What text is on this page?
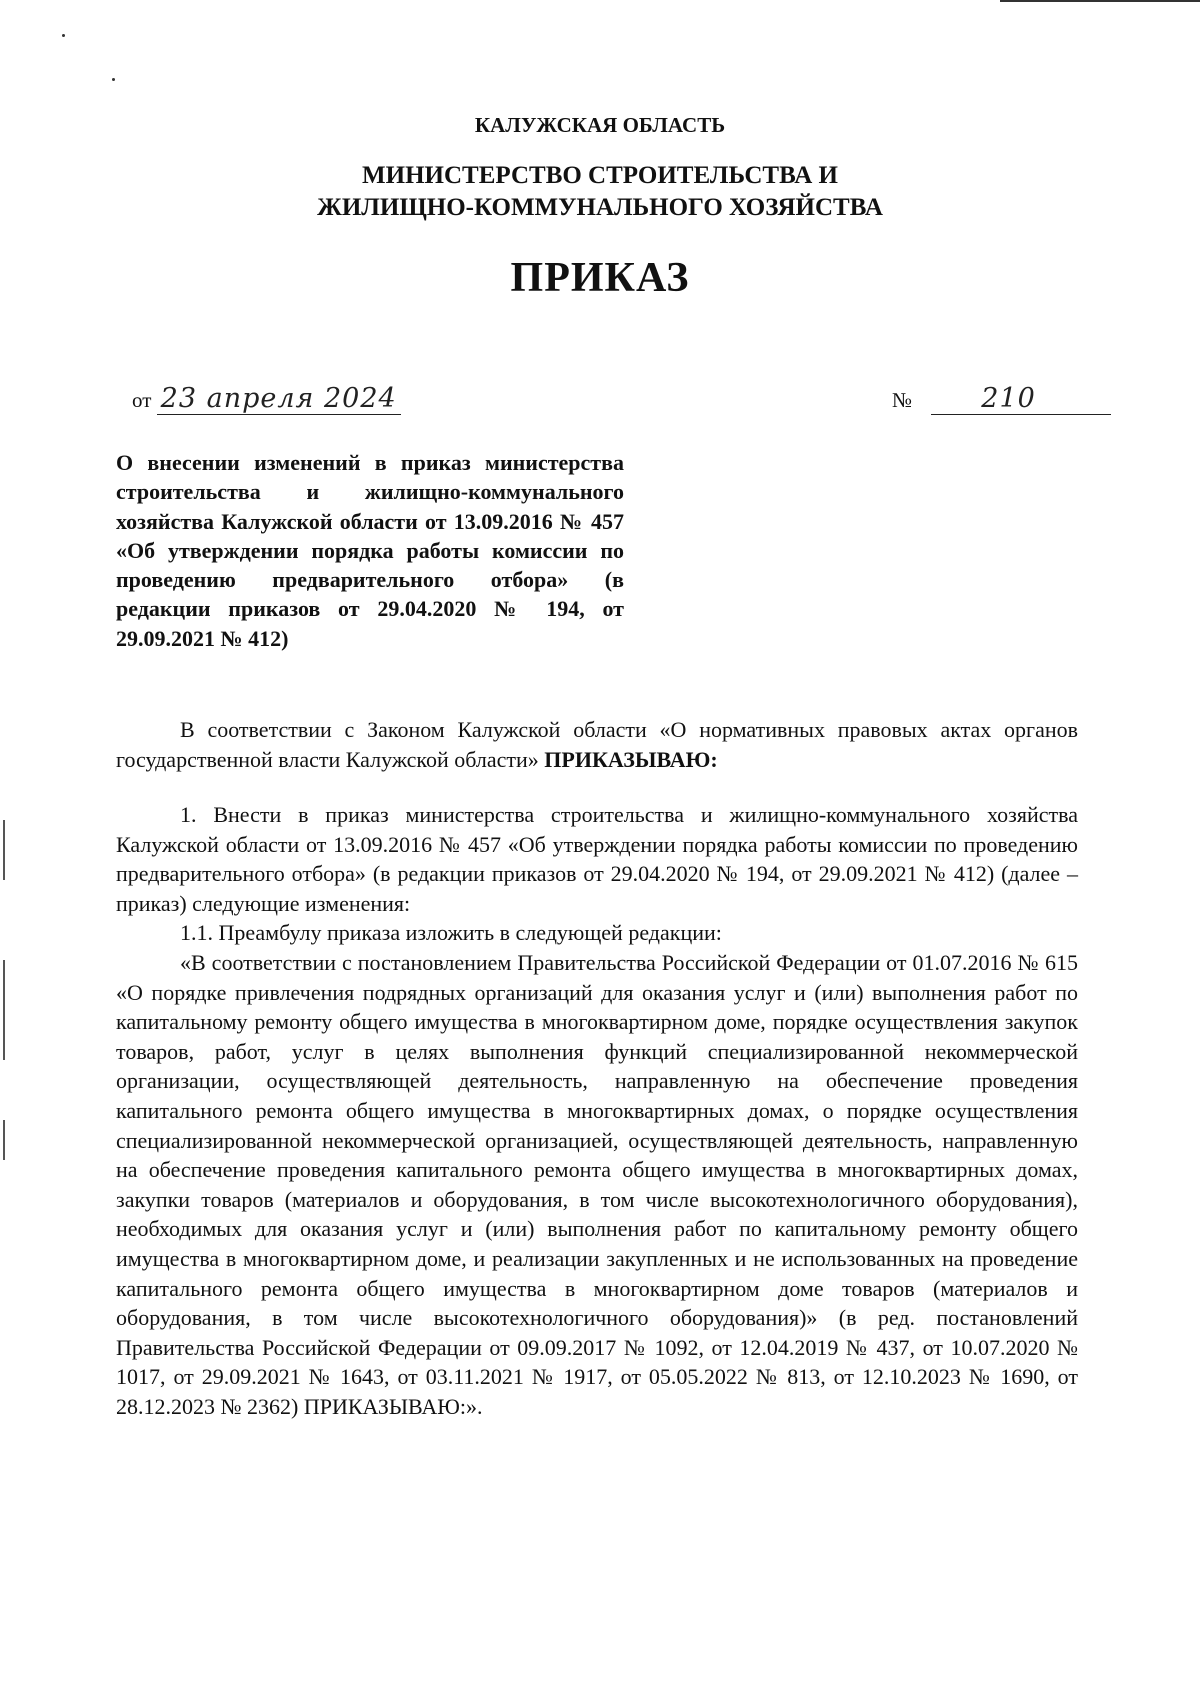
КАЛУЖСКАЯ ОБЛАСТЬ
МИНИСТЕРСТВО СТРОИТЕЛЬСТВА И
ЖИЛИЩНО-КОММУНАЛЬНОГО ХОЗЯЙСТВА
ПРИКАЗ
от 23 апреля 2024	№	210
О внесении изменений в приказ министерства строительства и жилищно-коммунального хозяйства Калужской области от 13.09.2016 № 457 «Об утверждении порядка работы комиссии по проведению предварительного отбора» (в редакции приказов от 29.04.2020 № 194, от 29.09.2021 № 412)

В соответствии с Законом Калужской области «О нормативных правовых актах органов государственной власти Калужской области» ПРИКАЗЫВАЮ:

1. Внести в приказ министерства строительства и жилищно-коммунального хозяйства Калужской области от 13.09.2016 № 457 «Об утверждении порядка работы комиссии по проведению предварительного отбора» (в редакции приказов от 29.04.2020 № 194, от 29.09.2021 № 412) (далее – приказ) следующие изменения:

1.1. Преамбулу приказа изложить в следующей редакции:

«В соответствии с постановлением Правительства Российской Федерации от 01.07.2016 № 615 «О порядке привлечения подрядных организаций для оказания услуг и (или) выполнения работ по капитальному ремонту общего имущества в многоквартирном доме, порядке осуществления закупок товаров, работ, услуг в целях выполнения функций специализированной некоммерческой организации, осуществляющей деятельность, направленную на обеспечение проведения капитального ремонта общего имущества в многоквартирных домах, о порядке осуществления специализированной некоммерческой организацией, осуществляющей деятельность, направленную на обеспечение проведения капитального ремонта общего имущества в многоквартирных домах, закупки товаров (материалов и оборудования, в том числе высокотехнологичного оборудования), необходимых для оказания услуг и (или) выполнения работ по капитальному ремонту общего имущества в многоквартирном доме, и реализации закупленных и не использованных на проведение капитального ремонта общего имущества в многоквартирном доме товаров (материалов и оборудования, в том числе высокотехнологичного оборудования)» (в ред. постановлений Правительства Российской Федерации от 09.09.2017 № 1092, от 12.04.2019 № 437, от 10.07.2020 № 1017, от 29.09.2021 № 1643, от 03.11.2021 № 1917, от 05.05.2022 № 813, от 12.10.2023 № 1690, от 28.12.2023 № 2362) ПРИКАЗЫВАЮ:».
